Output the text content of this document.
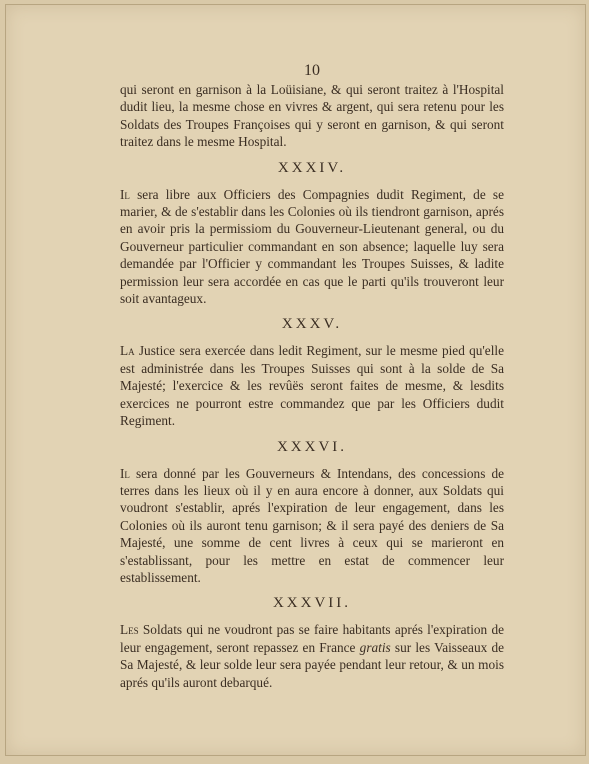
10

qui seront en garnison à la Loüisiane, & qui seront traitez à l'Hospital dudit lieu, la mesme chose en vivres & argent, qui sera retenu pour les Soldats des Troupes Françoises qui y seront en garnison, & qui seront traitez dans le mesme Hospital.

XXXIV.

Il sera libre aux Officiers des Compagnies dudit Regiment, de se marier, & de s'establir dans les Colonies où ils tiendront garnison, aprés en avoir pris la permissiom du Gouverneur-Lieutenant general, ou du Gouverneur particulier commandant en son absence; laquelle luy sera demandée par l'Officier y commandant les Troupes Suisses, & ladite permission leur sera accordée en cas que le parti qu'ils trouveront leur soit avantageux.

XXXV.

La Justice sera exercée dans ledit Regiment, sur le mesme pied qu'elle est administrée dans les Troupes Suisses qui sont à la solde de Sa Majesté; l'exercice & les revûës seront faites de mesme, & lesdits exercices ne pourront estre commandez que par les Officiers dudit Regiment.

XXXVI.

Il sera donné par les Gouverneurs & Intendans, des concessions de terres dans les lieux où il y en aura encore à donner, aux Soldats qui voudront s'establir, aprés l'expiration de leur engagement, dans les Colonies où ils auront tenu garnison; & il sera payé des deniers de Sa Majesté, une somme de cent livres à ceux qui se marieront en s'establissant, pour les mettre en estat de commencer leur establissement.

XXXVII.

Les Soldats qui ne voudront pas se faire habitants aprés l'expiration de leur engagement, seront repassez en France gratis sur les Vaisseaux de Sa Majesté, & leur solde leur sera payée pendant leur retour, & un mois aprés qu'ils auront debarqué.
